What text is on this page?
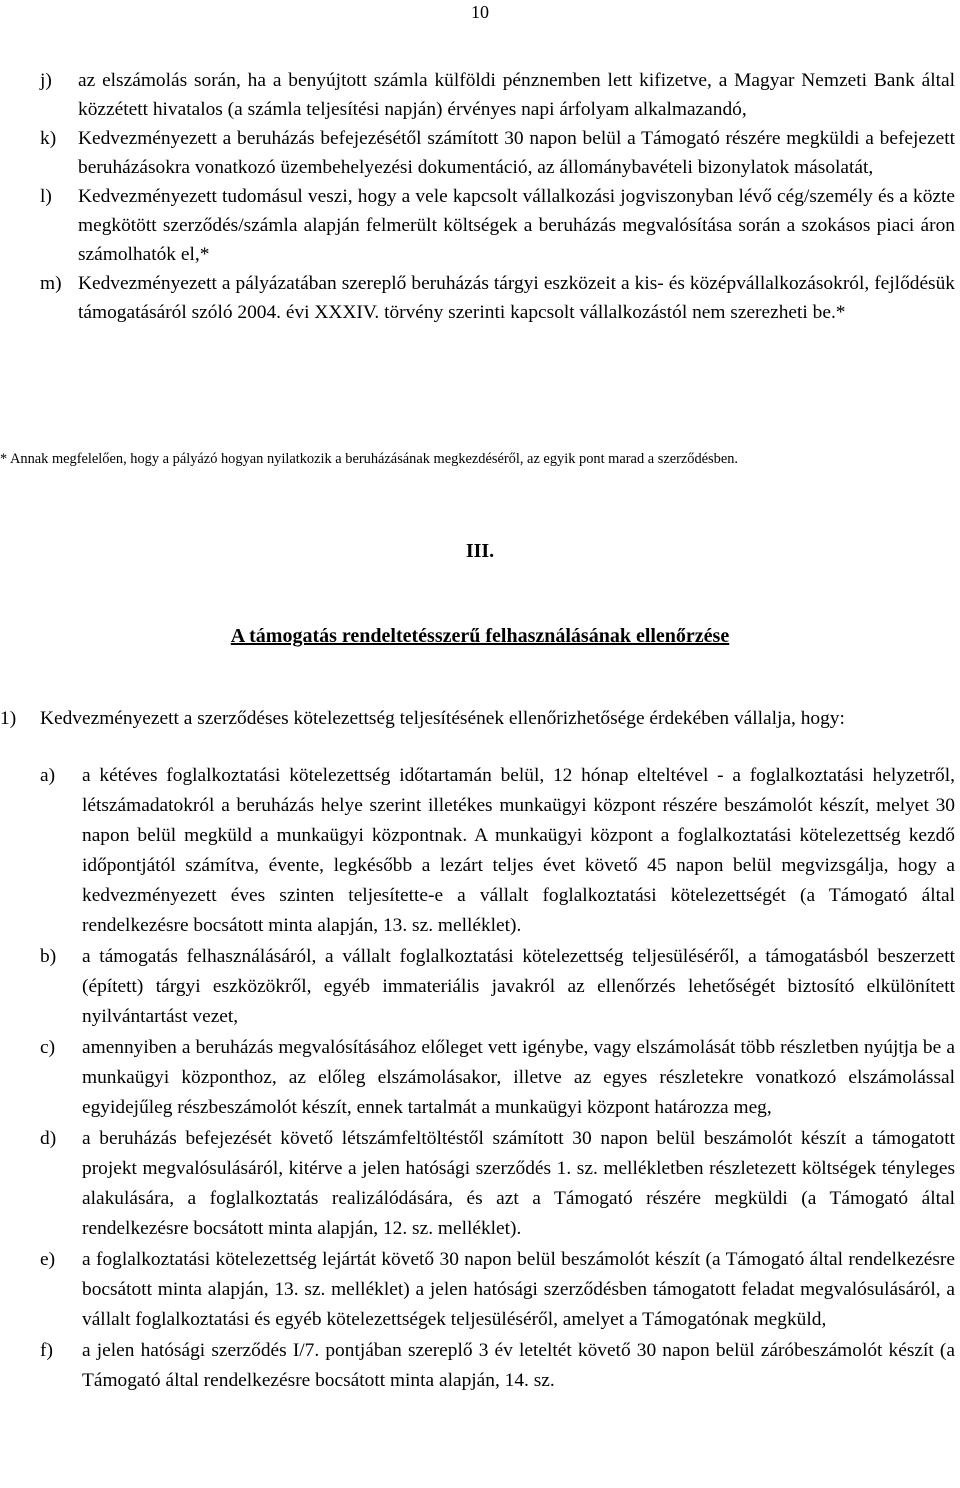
10
j)	az elszámolás során, ha a benyújtott számla külföldi pénznemben lett kifizetve, a Magyar Nemzeti Bank által közzétett hivatalos (a számla teljesítési napján) érvényes napi árfolyam alkalmazandó,
k)	Kedvezményezett a beruházás befejezésétől számított 30 napon belül a Támogató részére megküldi a befejezett beruházásokra vonatkozó üzembehelyezési dokumentáció, az állománybavételi bizonylatok másolatát,
l)	Kedvezményezett tudomásul veszi, hogy a vele kapcsolt vállalkozási jogviszonyban lévő cég/személy és a közte megkötött szerződés/számla alapján felmerült költségek a beruházás megvalósítása során a szokásos piaci áron számolhatók el,*
m) Kedvezményezett a pályázatában szereplő beruházás tárgyi eszközeit a kis- és középvállalkozásokról, fejlődésük támogatásáról szóló 2004. évi XXXIV. törvény szerinti kapcsolt vállalkozástól nem szerezheti be.*
* Annak megfelelően, hogy a pályázó hogyan nyilatkozik a beruházásának megkezdéséről, az egyik pont marad a szerződésben.
III.
A támogatás rendeltetésszerű felhasználásának ellenőrzése
1) Kedvezményezett a szerződéses kötelezettség teljesítésének ellenőrizhetősége érdekében vállalja, hogy:
a)	a kétéves foglalkoztatási kötelezettség időtartamán belül, 12 hónap elteltével - a foglalkoztatási helyzetről, létszámadatokról a beruházás helye szerint illetékes munkaügyi központ részére beszámolót készít, melyet 30 napon belül megküld a munkaügyi központnak. A munkaügyi központ a foglalkoztatási kötelezettség kezdő időpontjától számítva, évente, legkésőbb a lezárt teljes évet követő 45 napon belül megvizsgálja, hogy a kedvezményezett éves szinten teljesítette-e a vállalt foglalkoztatási kötelezettségét (a Támogató által rendelkezésre bocsátott minta alapján, 13. sz. melléklet).
b)	a támogatás felhasználásáról, a vállalt foglalkoztatási kötelezettség teljesüléséről, a támogatásból beszerzett (épített) tárgyi eszközökről, egyéb immateriális javakról az ellenőrzés lehetőségét biztosító elkülönített nyilvántartást vezet,
c)	amennyiben a beruházás megvalósításához előleget vett igénybe, vagy elszámolását több részletben nyújtja be a munkaügyi központhoz, az előleg elszámolásakor, illetve az egyes részletekre vonatkozó elszámolással egyidejűleg részbeszámolót készít, ennek tartalmát a munkaügyi központ határozza meg,
d)	a beruházás befejezését követő létszámfeltöltéstől számított 30 napon belül beszámolót készít a támogatott projekt megvalósulásáról, kitérve a jelen hatósági szerződés 1. sz. mellékletben részletezett költségek tényleges alakulására, a foglalkoztatás realizálódására, és azt a Támogató részére megküldi (a Támogató által rendelkezésre bocsátott minta alapján, 12. sz. melléklet).
e)	a foglalkoztatási kötelezettség lejártát követő 30 napon belül beszámolót készít (a Támogató által rendelkezésre bocsátott minta alapján, 13. sz. melléklet) a jelen hatósági szerződésben támogatott feladat megvalósulásáról, a vállalt foglalkoztatási és egyéb kötelezettségek teljesüléséről, amelyet a Támogatónak megküld,
f)	a jelen hatósági szerződés I/7. pontjában szereplő 3 év leteltét követő 30 napon belül záróbeszámolót készít (a Támogató által rendelkezésre bocsátott minta alapján, 14. sz.
